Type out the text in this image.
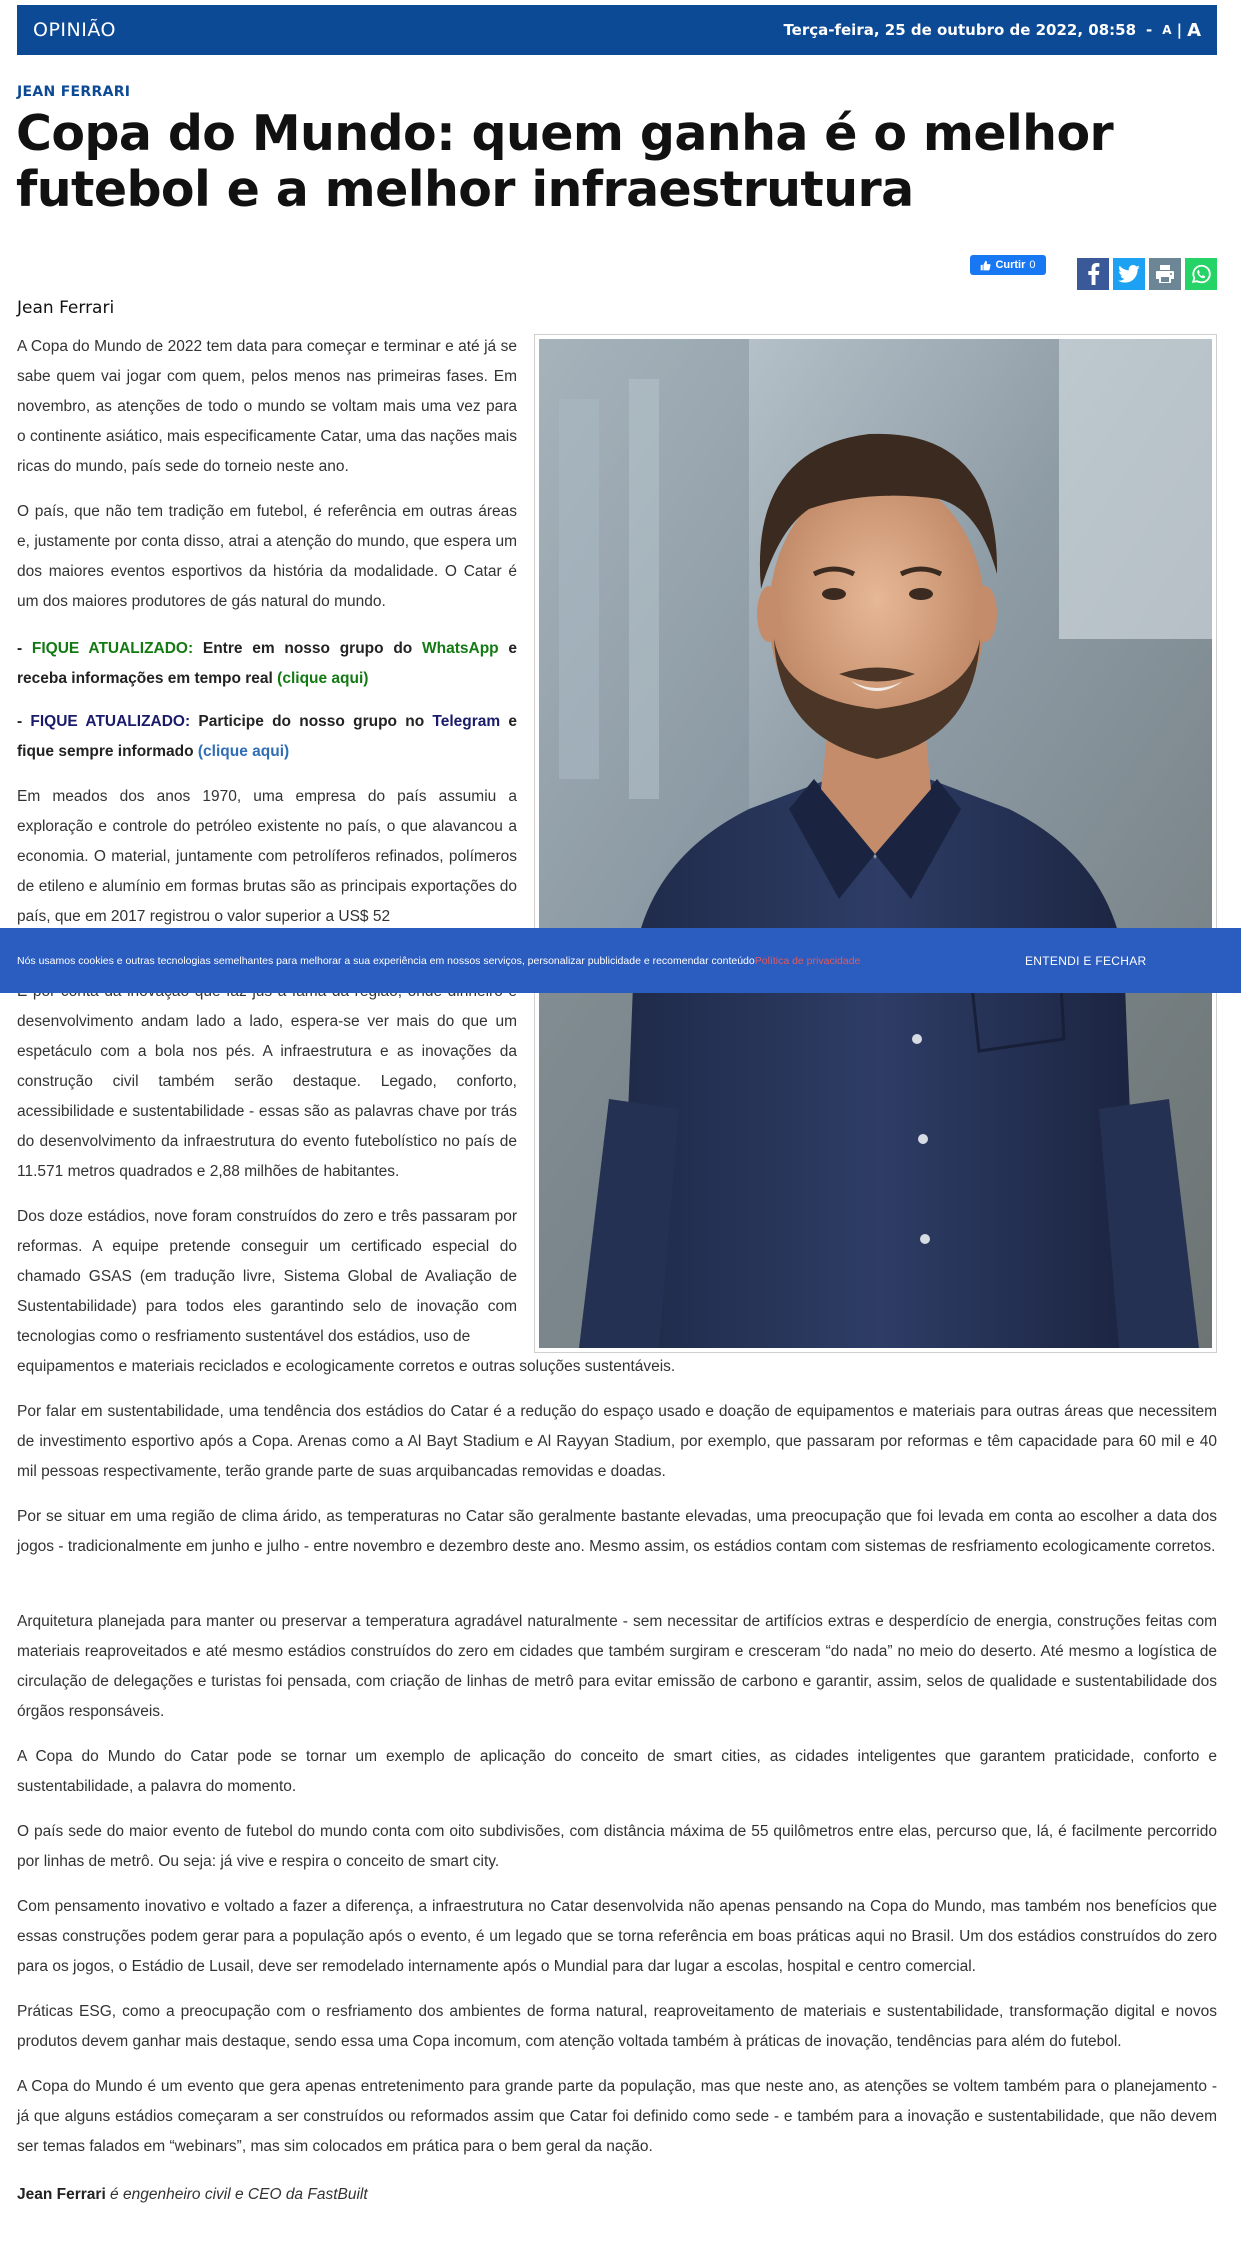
OPINIÃO	Terça-feira, 25 de outubro de 2022, 08:58 - A | A
JEAN FERRARI
Copa do Mundo: quem ganha é o melhor futebol e a melhor infraestrutura
Curtir 0
Jean Ferrari

A Copa do Mundo de 2022 tem data para começar e terminar e até já se sabe quem vai jogar com quem, pelos menos nas primeiras fases. Em novembro, as atenções de todo o mundo se voltam mais uma vez para o continente asiático, mais especificamente Catar, uma das nações mais ricas do mundo, país sede do torneio neste ano.

O país, que não tem tradição em futebol, é referência em outras áreas e, justamente por conta disso, atrai a atenção do mundo, que espera um dos maiores eventos esportivos da história da modalidade. O Catar é um dos maiores produtores de gás natural do mundo.

- FIQUE ATUALIZADO: Entre em nosso grupo do WhatsApp e receba informações em tempo real (clique aqui)

- FIQUE ATUALIZADO: Participe do nosso grupo no Telegram e fique sempre informado (clique aqui)

Em meados dos anos 1970, uma empresa do país assumiu a exploração e controle do petróleo existente no país, o que alavancou a economia. O material, juntamente com petrolíferos refinados, polímeros de etileno e alumínio em formas brutas são as principais exportações do país, que em 2017 registrou o valor superior a US$ 52

desenvolvimento andam lado a lado, espera-se ver mais do que um espetáculo com a bola nos pés. A infraestrutura e as inovações da construção civil também serão destaque. Legado, conforto, acessibilidade e sustentabilidade - essas são as palavras chave por trás do desenvolvimento da infraestrutura do evento futebolístico no país de 11.571 metros quadrados e 2,88 milhões de habitantes.

Dos doze estádios, nove foram construídos do zero e três passaram por reformas. A equipe pretende conseguir um certificado especial do chamado GSAS (em tradução livre, Sistema Global de Avaliação de Sustentabilidade) para todos eles garantindo selo de inovação com tecnologias como o resfriamento sustentável dos estádios, uso de

equipamentos e materiais reciclados e ecologicamente corretos e outras soluções sustentáveis.

Por falar em sustentabilidade, uma tendência dos estádios do Catar é a redução do espaço usado e doação de equipamentos e materiais para outras áreas que necessitem de investimento esportivo após a Copa. Arenas como a Al Bayt Stadium e Al Rayyan Stadium, por exemplo, que passaram por reformas e têm capacidade para 60 mil e 40 mil pessoas respectivamente, terão grande parte de suas arquibancadas removidas e doadas.

Por se situar em uma região de clima árido, as temperaturas no Catar são geralmente bastante elevadas, uma preocupação que foi levada em conta ao escolher a data dos jogos - tradicionalmente em junho e julho - entre novembro e dezembro deste ano. Mesmo assim, os estádios contam com sistemas de resfriamento ecologicamente corretos.

Arquitetura planejada para manter ou preservar a temperatura agradável naturalmente - sem necessitar de artifícios extras e desperdício de energia, construções feitas com materiais reaproveitados e até mesmo estádios construídos do zero em cidades que também surgiram e cresceram “do nada” no meio do deserto. Até mesmo a logística de circulação de delegações e turistas foi pensada, com criação de linhas de metrô para evitar emissão de carbono e garantir, assim, selos de qualidade e sustentabilidade dos órgãos responsáveis.

A Copa do Mundo do Catar pode se tornar um exemplo de aplicação do conceito de smart cities, as cidades inteligentes que garantem praticidade, conforto e sustentabilidade, a palavra do momento.

O país sede do maior evento de futebol do mundo conta com oito subdivisões, com distância máxima de 55 quilômetros entre elas, percurso que, lá, é facilmente percorrido por linhas de metrô. Ou seja: já vive e respira o conceito de smart city.

Com pensamento inovativo e voltado a fazer a diferença, a infraestrutura no Catar desenvolvida não apenas pensando na Copa do Mundo, mas também nos benefícios que essas construções podem gerar para a população após o evento, é um legado que se torna referência em boas práticas aqui no Brasil. Um dos estádios construídos do zero para os jogos, o Estádio de Lusail, deve ser remodelado internamente após o Mundial para dar lugar a escolas, hospital e centro comercial.

Práticas ESG, como a preocupação com o resfriamento dos ambientes de forma natural, reaproveitamento de materiais e sustentabilidade, transformação digital e novos produtos devem ganhar mais destaque, sendo essa uma Copa incomum, com atenção voltada também à práticas de inovação, tendências para além do futebol.

A Copa do Mundo é um evento que gera apenas entretenimento para grande parte da população, mas que neste ano, as atenções se voltem também para o planejamento - já que alguns estádios começaram a ser construídos ou reformados assim que Catar foi definido como sede - e também para a inovação e sustentabilidade, que não devem ser temas falados em “webinars”, mas sim colocados em prática para o bem geral da nação.

Jean Ferrari é engenheiro civil e CEO da FastBuilt

Nós usamos cookies e outras tecnologias semelhantes para melhorar a sua experiência em nossos serviços, personalizar publicidade e recomendar conteúdoPolítica de privacidade	ENTENDI E FECHAR
